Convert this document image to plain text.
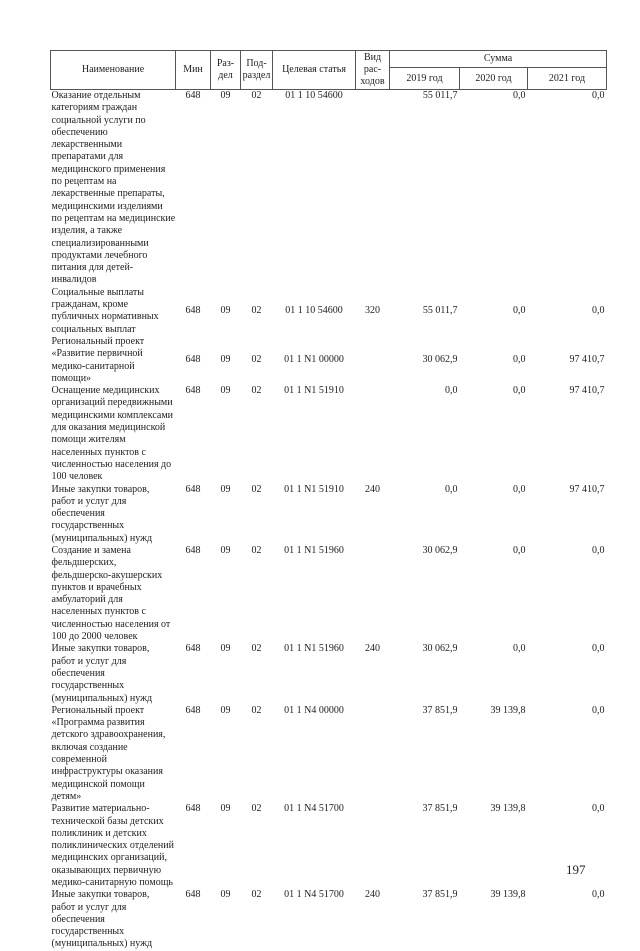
Наименование	Мин	Раз-дел	Под-раздел	Целевая статья	Вид рас-ходов	Сумма		
						2019 год	2020 год	2021 год
Оказание отдельным категориям граждан социальной услуги по обеспечению лекарственными препаратами для медицинского применения по рецептам на лекарственные препараты, медицинскими изделиями по рецептам на медицинские изделия, а также специализированными продуктами лечебного питания для детей-инвалидов	648	09	02	01 1 10 54600		55 011,7	0,0	0,0
Социальные выплаты гражданам, кроме публичных нормативных социальных выплат	648	09	02	01 1 10 54600	320	55 011,7	0,0	0,0
Региональный проект «Развитие первичной медико-санитарной помощи»	648	09	02	01 1 N1 00000		30 062,9	0,0	97 410,7
Оснащение медицинских организаций передвижными медицинскими комплексами для оказания медицинской помощи жителям населенных пунктов с численностью населения до 100 человек	648	09	02	01 1 N1 51910		0,0	0,0	97 410,7
Иные закупки товаров, работ и услуг для обеспечения государственных (муниципальных) нужд	648	09	02	01 1 N1 51910	240	0,0	0,0	97 410,7
Создание и замена фельдшерских, фельдшерско-акушерских пунктов и врачебных амбулаторий для населенных пунктов с численностью населения от 100 до 2000 человек	648	09	02	01 1 N1 51960		30 062,9	0,0	0,0
Иные закупки товаров, работ и услуг для обеспечения государственных (муниципальных) нужд	648	09	02	01 1 N1 51960	240	30 062,9	0,0	0,0
Региональный проект «Программа развития детского здравоохранения, включая создание современной инфраструктуры оказания медицинской помощи детям»	648	09	02	01 1 N4 00000		37 851,9	39 139,8	0,0
Развитие материально-технической базы детских поликлиник и детских поликлинических отделений медицинских организаций, оказывающих первичную медико-санитарную помощь	648	09	02	01 1 N4 51700		37 851,9	39 139,8	0,0
Иные закупки товаров, работ и услуг для обеспечения государственных (муниципальных) нужд	648	09	02	01 1 N4 51700	240	37 851,9	39 139,8	0,0
197
